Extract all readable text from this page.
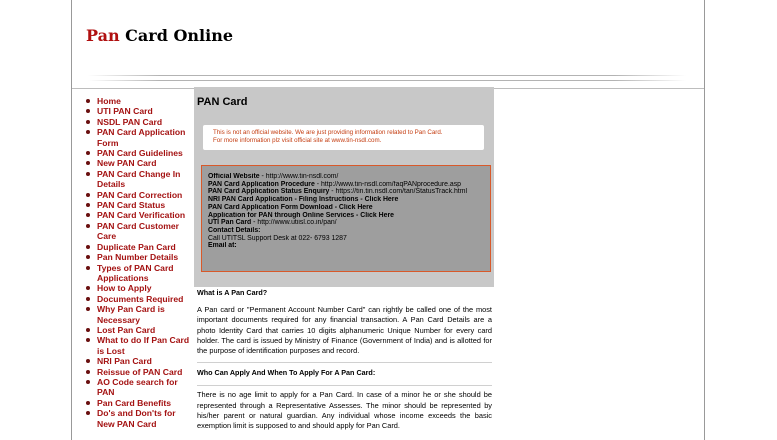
Pan Card Online
Home
UTI PAN Card
NSDL PAN Card
PAN Card Application Form
PAN Card Guidelines
New PAN Card
PAN Card Change In Details
PAN Card Correction
PAN Card Status
PAN Card Verification
PAN Card Customer Care
Duplicate Pan Card
Pan Number Details
Types of PAN Card Applications
How to Apply
Documents Required
Why Pan Card is Necessary
Lost Pan Card
What to do If Pan Card is Lost
NRI Pan Card
Reissue of PAN Card
AO Code search for PAN
Pan Card Benefits
Do's and Don'ts for New PAN Card
PAN Card
This is not an official website. We are just providing information related to Pan Card.
For more information plz visit official site at www.tin-nsdl.com.
Official Website - http://www.tin-nsdl.com/
PAN Card Application Procedure - http://www.tin-nsdl.com/faqPANprocedure.asp
PAN Card Application Status Enquiry - https://tin.tin.nsdl.com/tan/StatusTrack.html
NRI PAN Card Application - Filing Instructions - Click Here
PAN Card Application Form Download - Click Here
Application for PAN through Online Services - Click Here
UTI Pan Card - http://www.utiisl.co.in/pan/
Contact Details:
Call UTITSL Support Desk at 022- 6793 1287
Email at:
What is A Pan Card?
A Pan card or "Permanent Account Number Card" can rightly be called one of the most important documents required for any financial transaction. A Pan Card Details are a photo Identity Card that carries 10 digits alphanumeric Unique Number for every card holder. The card is issued by Ministry of Finance (Government of India) and is allotted for the purpose of identification purposes and record.
Who Can Apply And When To Apply For A Pan Card:
There is no age limit to apply for a Pan Card. In case of a minor he or she should be represented through a Representative Assesses. The minor should be represented by his/her parent or natural guardian. Any individual whose income exceeds the basic exemption limit is supposed to and should apply for Pan Card.
